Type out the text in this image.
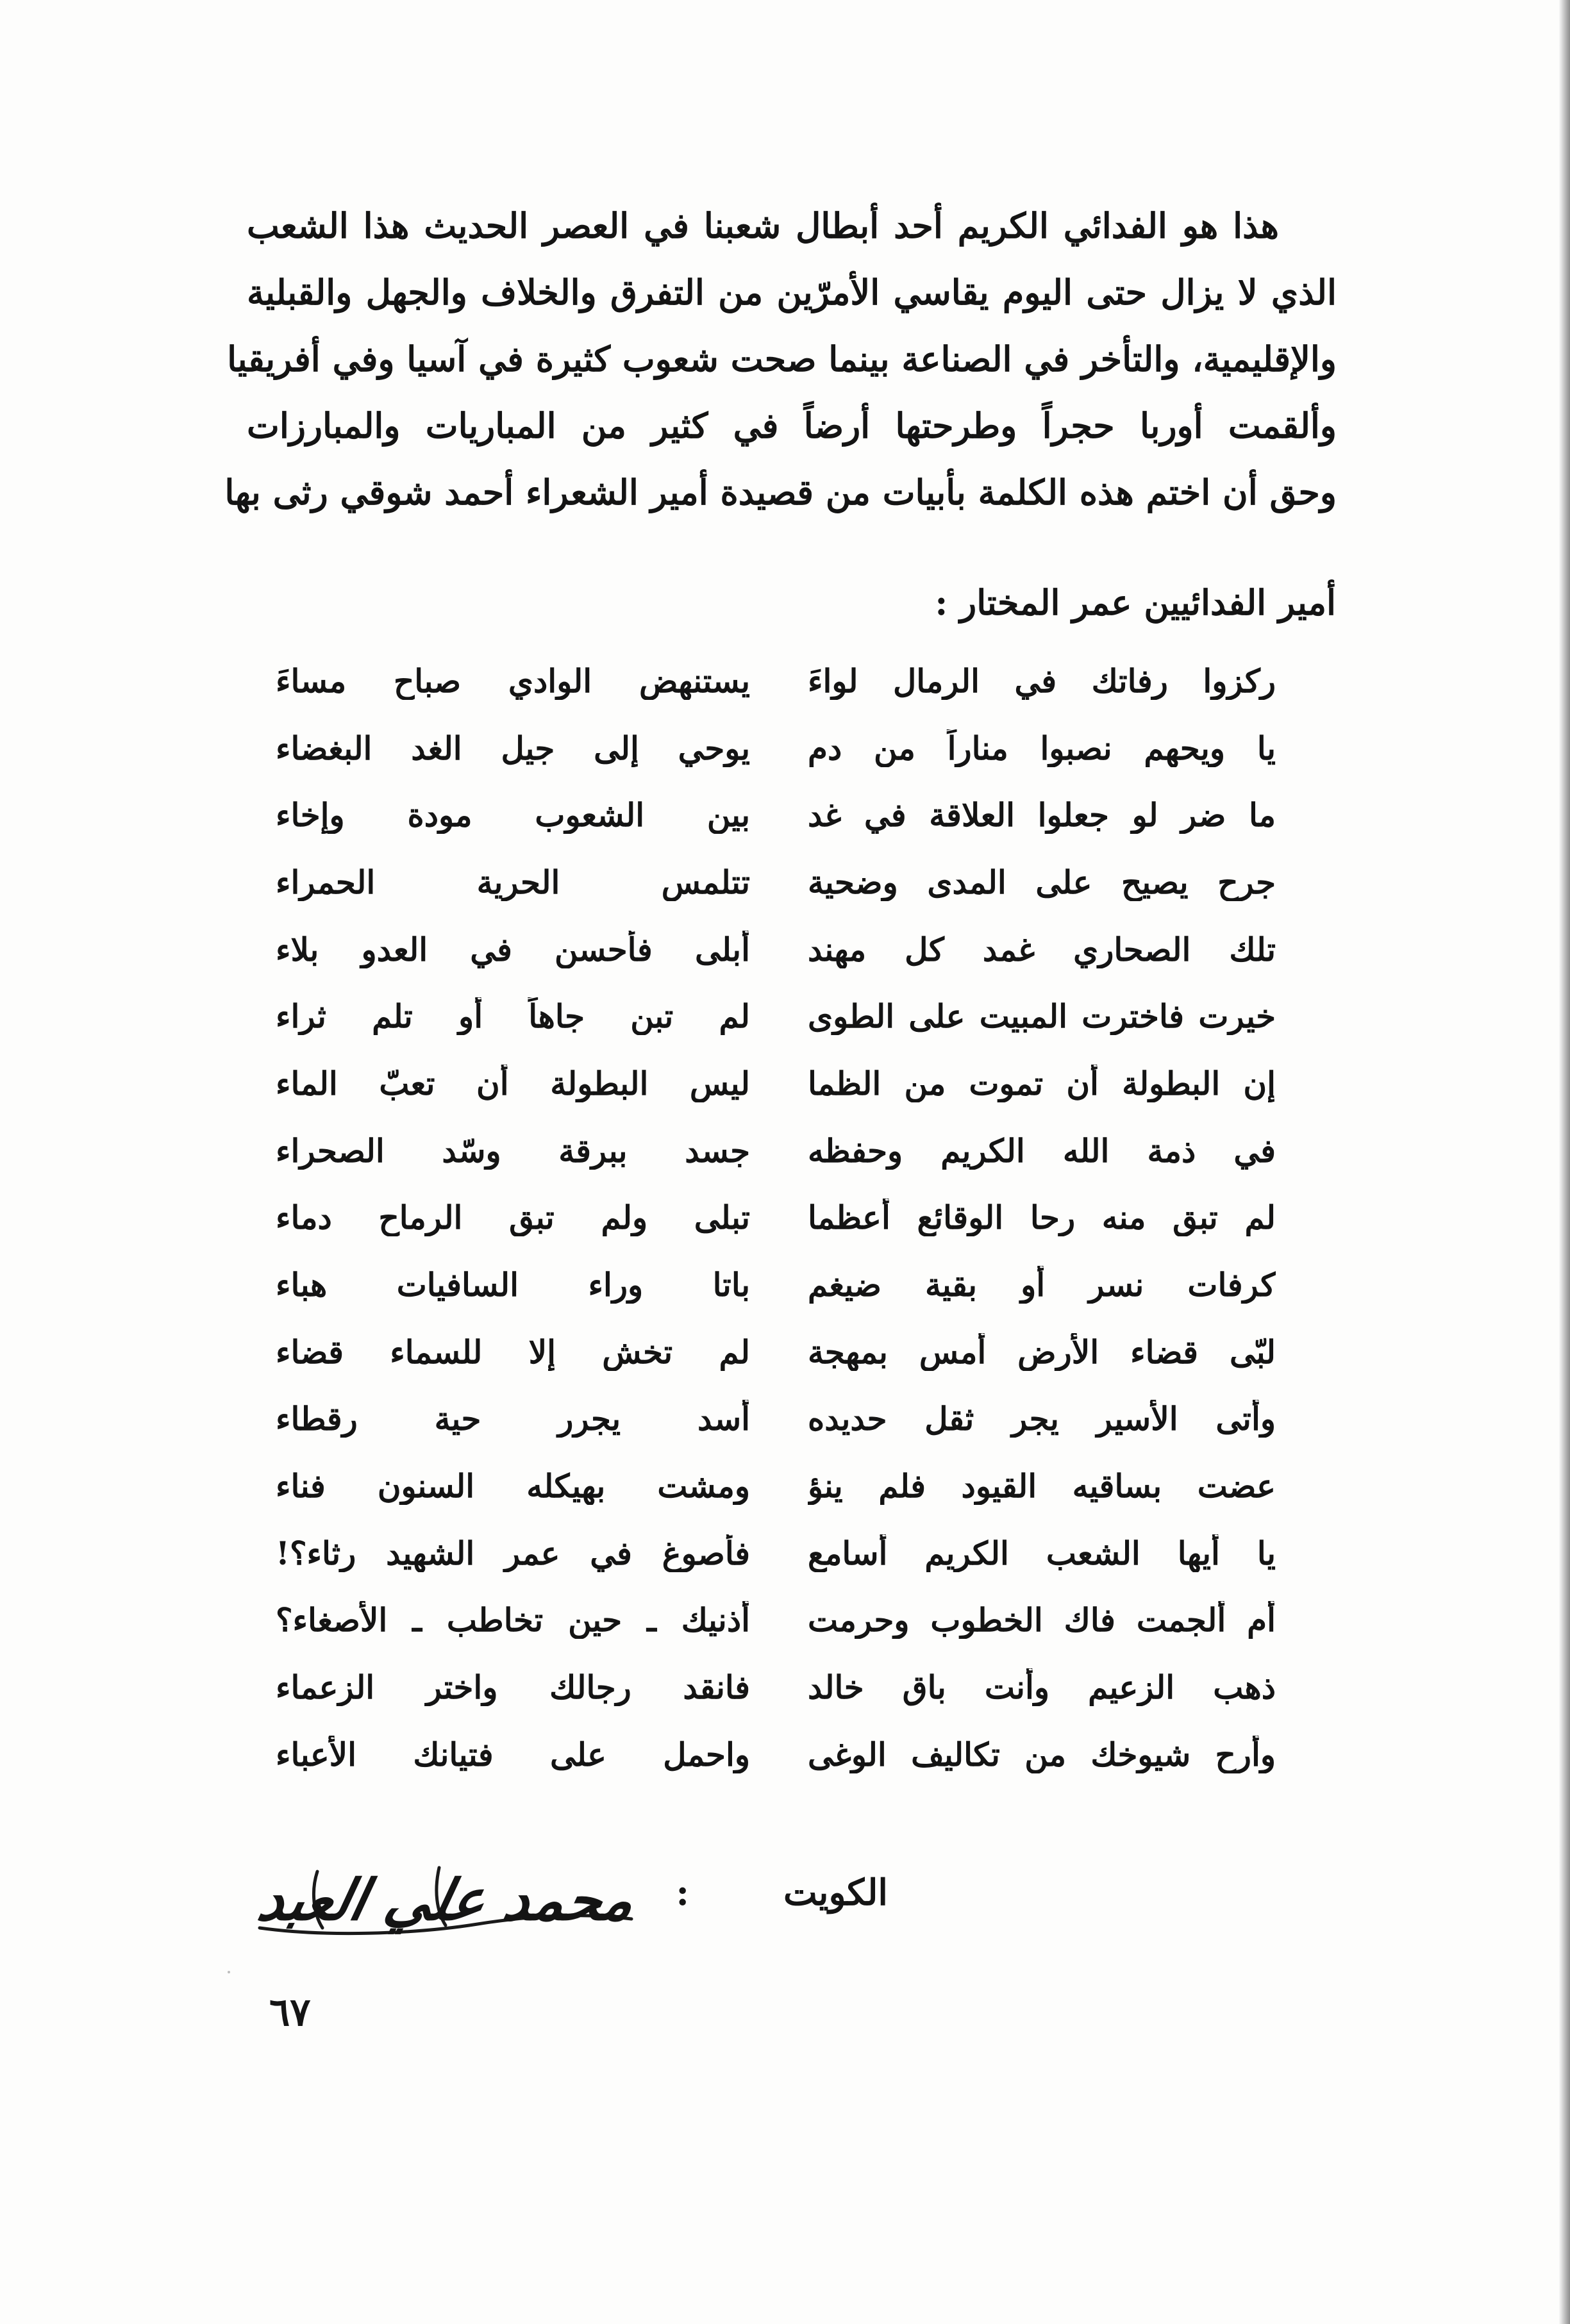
هذا هو الفدائي الكريم أحد أبطال شعبنا في العصر الحديث هذا الشعب
الذي لا يزال حتى اليوم يقاسي الأمرّين من التفرق والخلاف والجهل والقبلية
والإقليمية، والتأخر في الصناعة بينما صحت شعوب كثيرة في آسيا وفي أفريقيا
وألقمت أوربا حجراً وطرحتها أرضاً في كثير من المباريات والمبارزات
وحق أن اختم هذه الكلمة بأبيات من قصيدة أمير الشعراء أحمد شوقي رثى بها
أمير الفدائيين عمر المختار :
ركزوا رفاتك في الرمال لواءَ
يستنهض الوادي صباح مساءَ
يا ويحهم نصبوا مناراً من دم
يوحي إلى جيل الغد البغضاء
ما ضر لو جعلوا العلاقة في غد
بين الشعوب مودة وإخاء
جرح يصيح على المدى وضحية
تتلمس الحرية الحمراء
تلك الصحاري غمد كل مهند
أبلى فأحسن في العدو بلاء
خيرت فاخترت المبيت على الطوى
لم تبن جاهاً أو تلم ثراء
إن البطولة أن تموت من الظما
ليس البطولة أن تعبّ الماء
في ذمة الله الكريم وحفظه
جسد ببرقة وسّد الصحراء
لم تبق منه رحا الوقائع أعظما
تبلى ولم تبق الرماح دماء
كرفات نسر أو بقية ضيغم
باتا وراء السافيات هباء
لبّى قضاء الأرض أمس بمهجة
لم تخش إلا للسماء قضاء
وأتى الأسير يجر ثقل حديده
أسد يجرر حية رقطاء
عضت بساقيه القيود فلم ينؤ
ومشت بهيكله السنون فناء
يا أيها الشعب الكريم أسامع
فأصوغ في عمر الشهيد رثاء؟!
أم ألجمت فاك الخطوب وحرمت
أذنيك ـ حين تخاطب ـ الأصغاء؟
ذهب الزعيم وأنت باق خالد
فانقد رجالك واختر الزعماء
وأرح شيوخك من تكاليف الوغى
واحمل على فتيانك الأعباء
الكويت
:
محمد علي العبد
٦٧
